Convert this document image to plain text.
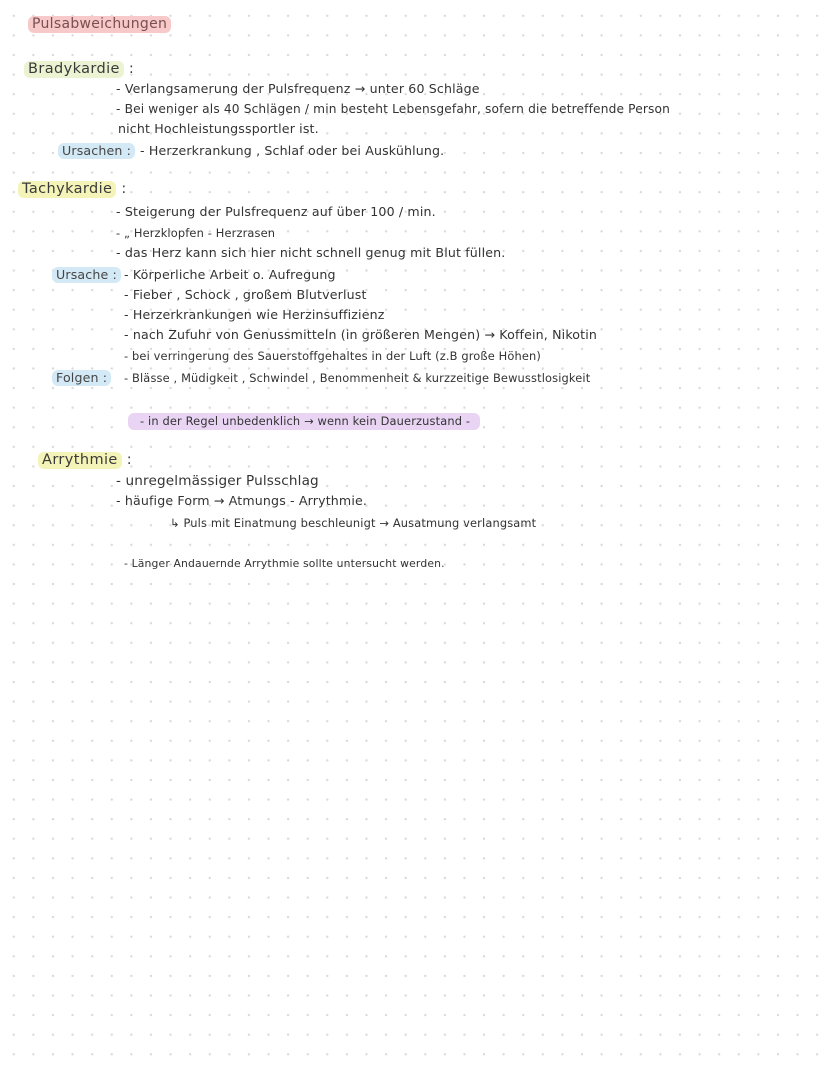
Pulsabweichungen
Bradykardie :
- Verlangsamerung der Pulsfrequenz → unter 60 Schläge
- Bei weniger als 40 Schlägen / min besteht Lebensgefahr, sofern die betreffende Person
nicht Hochleistungssportler ist.
Ursachen : - Herzerkrankung , Schlaf oder bei Auskühlung.
Tachykardie :
- Steigerung der Pulsfrequenz auf über 100 / min.
- „ Herzklopfen - Herzrasen
- das Herz kann sich hier nicht schnell genug mit Blut füllen.
Ursache : - Körperliche Arbeit o. Aufregung
- Fieber , Schock , großem Blutverlust
- Herzerkrankungen wie Herzinsuffizienz
- nach Zufuhr von Genussmitteln (in größeren Mengen) → Koffein, Nikotin
- bei verringerung des Sauerstoffgehaltes in der Luft (z.B große Höhen)
Folgen :	- Blässe , Müdigkeit , Schwindel , Benommenheit & kurzzeitige Bewusstlosigkeit
- in der Regel unbedenklich → wenn kein Dauerzustand -
Arrythmie :
- unregelmässiger Pulsschlag
- häufige Form → Atmungs - Arrythmie.
↳ Puls mit Einatmung beschleunigt → Ausatmung verlangsamt
- Länger Andauernde Arrythmie sollte untersucht werden.
